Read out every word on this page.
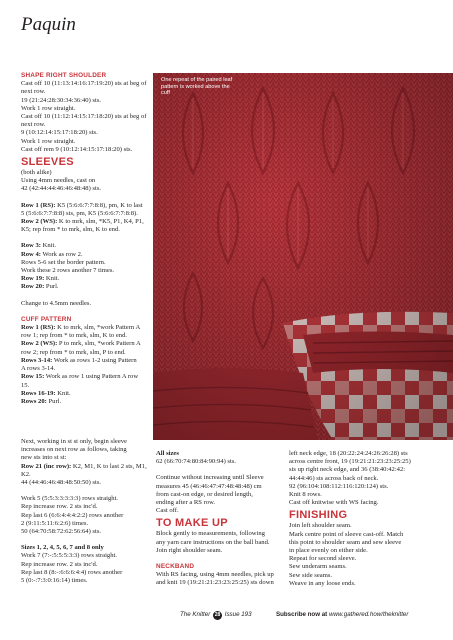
Paquin
SHAPE RIGHT SHOULDER

Cast off 10 (11:13:14:16:17:19:20) sts at beg of

next row.

19 (21:24:28:30:34:36:40) sts.

Work 1 row straight.

Cast off 10 (11:12:14:15:17:18:20) sts at beg of

next row.

9 (10:12:14:15:17:18:20) sts.

Work 1 row straight.

Cast off rem 9 (10:12:14:15:17:18:20) sts.

SLEEVES

(both alike)

Using 4mm needles, cast on

42 (42:44:44:46:46:48:48) sts.

Row 1 (RS): K5 (5:6:6:7:7:8:8), pm, K to last

5 (5:6:6:7:7:8:8) sts, pm, K5 (5:6:6:7:7:8:8).

Row 2 (WS): K to mrk, slm, *K5, P1, K4, P1,

K5; rep from * to mrk, slm, K to end.

Row 3: Knit.

Row 4: Work as row 2.

Rows 5-6 set the border pattern.

Work these 2 rows another 7 times.

Row 19: Knit.

Row 20: Purl.

Change to 4.5mm needles.

CUFF PATTERN

Row 1 (RS): K to mrk, slm, *work Pattern A

row 1; rep from * to mrk, slm, K to end.

Row 2 (WS): P to mrk, slm, *work Pattern A

row 2; rep from * to mrk, slm, P to end.

Rows 3-14: Work as rows 1-2 using Pattern

A rows 3-14.

Row 15: Work as row 1 using Pattern A row

15.

Rows 16-19: Knit.

Rows 20: Purl.

Next, working in st st only, begin sleeve

increases on next row as follows, taking

new sts into st st:

Row 21 (inc row): K2, M1, K to last 2 sts, M1,

K2.

44 (44:46:46:48:48:50:50) sts.

Work 5 (5:5:3:3:3:3:3) rows straight.

Rep increase row. 2 sts inc'd.

Rep last 6 (6:6:4:4:4:2:2) rows another

2 (9:11:5:11:6:2:6) times.

50 (64:70:58:72:62:56:64) sts.

Sizes 1, 2, 4, 5, 6, 7 and 8 only

Work 7 (7:-:5:5:5:3:3) rows straight.

Rep increase row. 2 sts inc'd.

Rep last 8 (8:-:6:6:6:4:4) rows another

5 (0:-:7:3:0:16:14) times.

One repeat of the paired leaf pattern is worked above the cuff

All sizes

62 (66:70:74:80:84:90:94) sts.

Continue without increasing until Sleeve

measures 45 (46:46:47:47:48:48:48) cm

from cast-on edge, or desired length,

ending after a RS row.

Cast off.

TO MAKE UP

Block gently to measurements, following

any yarn care instructions on the ball band.

Join right shoulder seam.

NECKBAND

With RS facing, using 4mm needles, pick up

and knit 19 (19:21:21:23:23:25:25) sts down

left neck edge, 18 (20:22:24:24:26:26:28) sts

across centre front, 19 (19:21:21:23:23:25:25)

sts up right neck edge, and 36 (38:40:42:42:

44:44:46) sts across back of neck.

92 (96:104:108:112:116:120:124) sts.

Knit 8 rows.

Cast off knitwise with WS facing.

FINISHING

Join left shoulder seam.

Mark centre point of sleeve cast-off. Match

this point to shoulder seam and sew sleeve

in place evenly on either side.

Repeat for second sleeve.

Sew underarm seams.

Sew side seams.

Weave in any loose ends.

The Knitter 28 Issue 193	Subscribe now at www.gathered.how/theknitter
